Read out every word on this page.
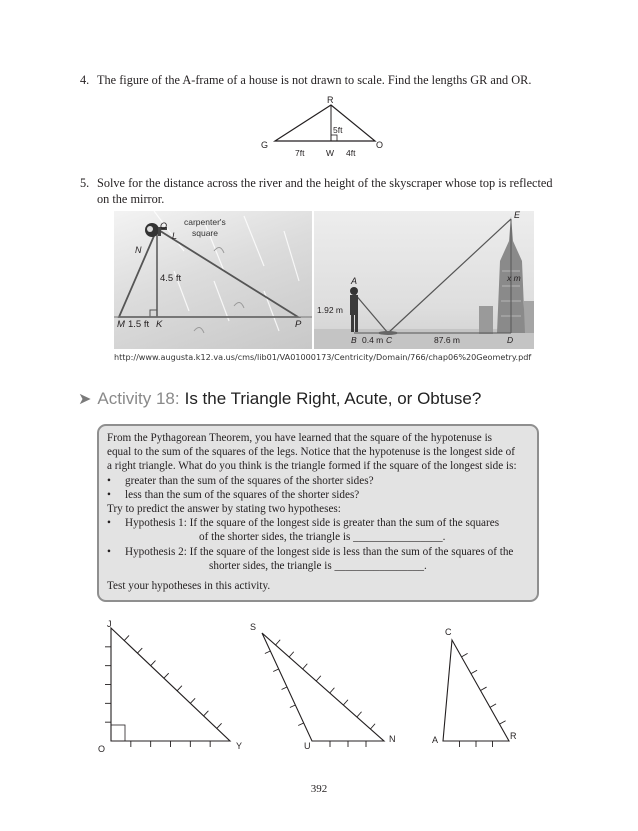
4. The figure of the A-frame of a house is not drawn to scale. Find the lengths GR and OR.
R
5ft
G	O
7ft	W 4ft
5. Solve for the distance across the river and the height of the skyscraper whose top is reflected
on the mirror.
O
L
carpenter's
square
N
4.5 ft
M 1.5 ft K	P
E
A
1.92 m
x m
B 0.4 m C	87.6 m	D
http://www.augusta.k12.va.us/cms/lib01/VA01000173/Centricity/Domain/766/chap06%20Geometry.pdf
➤ Activity 18: Is the Triangle Right, Acute, or Obtuse?

From the Pythagorean Theorem, you have learned that the square of the hypotenuse is

equal to the sum of the squares of the legs. Notice that the hypotenuse is the longest side of

a right triangle. What do you think is the triangle formed if the square of the longest side is:

•	greater than the sum of the squares of the shorter sides?
•	less than the sum of the squares of the shorter sides?

Try to predict the answer by stating two hypotheses:

•	Hypothesis 1: If the square of the longest side is greater than the sum of the squares

of the shorter sides, the triangle is ________________.

•	Hypothesis 2: If the square of the longest side is less than the sum of the squares of the

shorter sides, the triangle is ________________.

Test your hypotheses in this activity.

J
O	Y
S
U
N
C
A	R
392
